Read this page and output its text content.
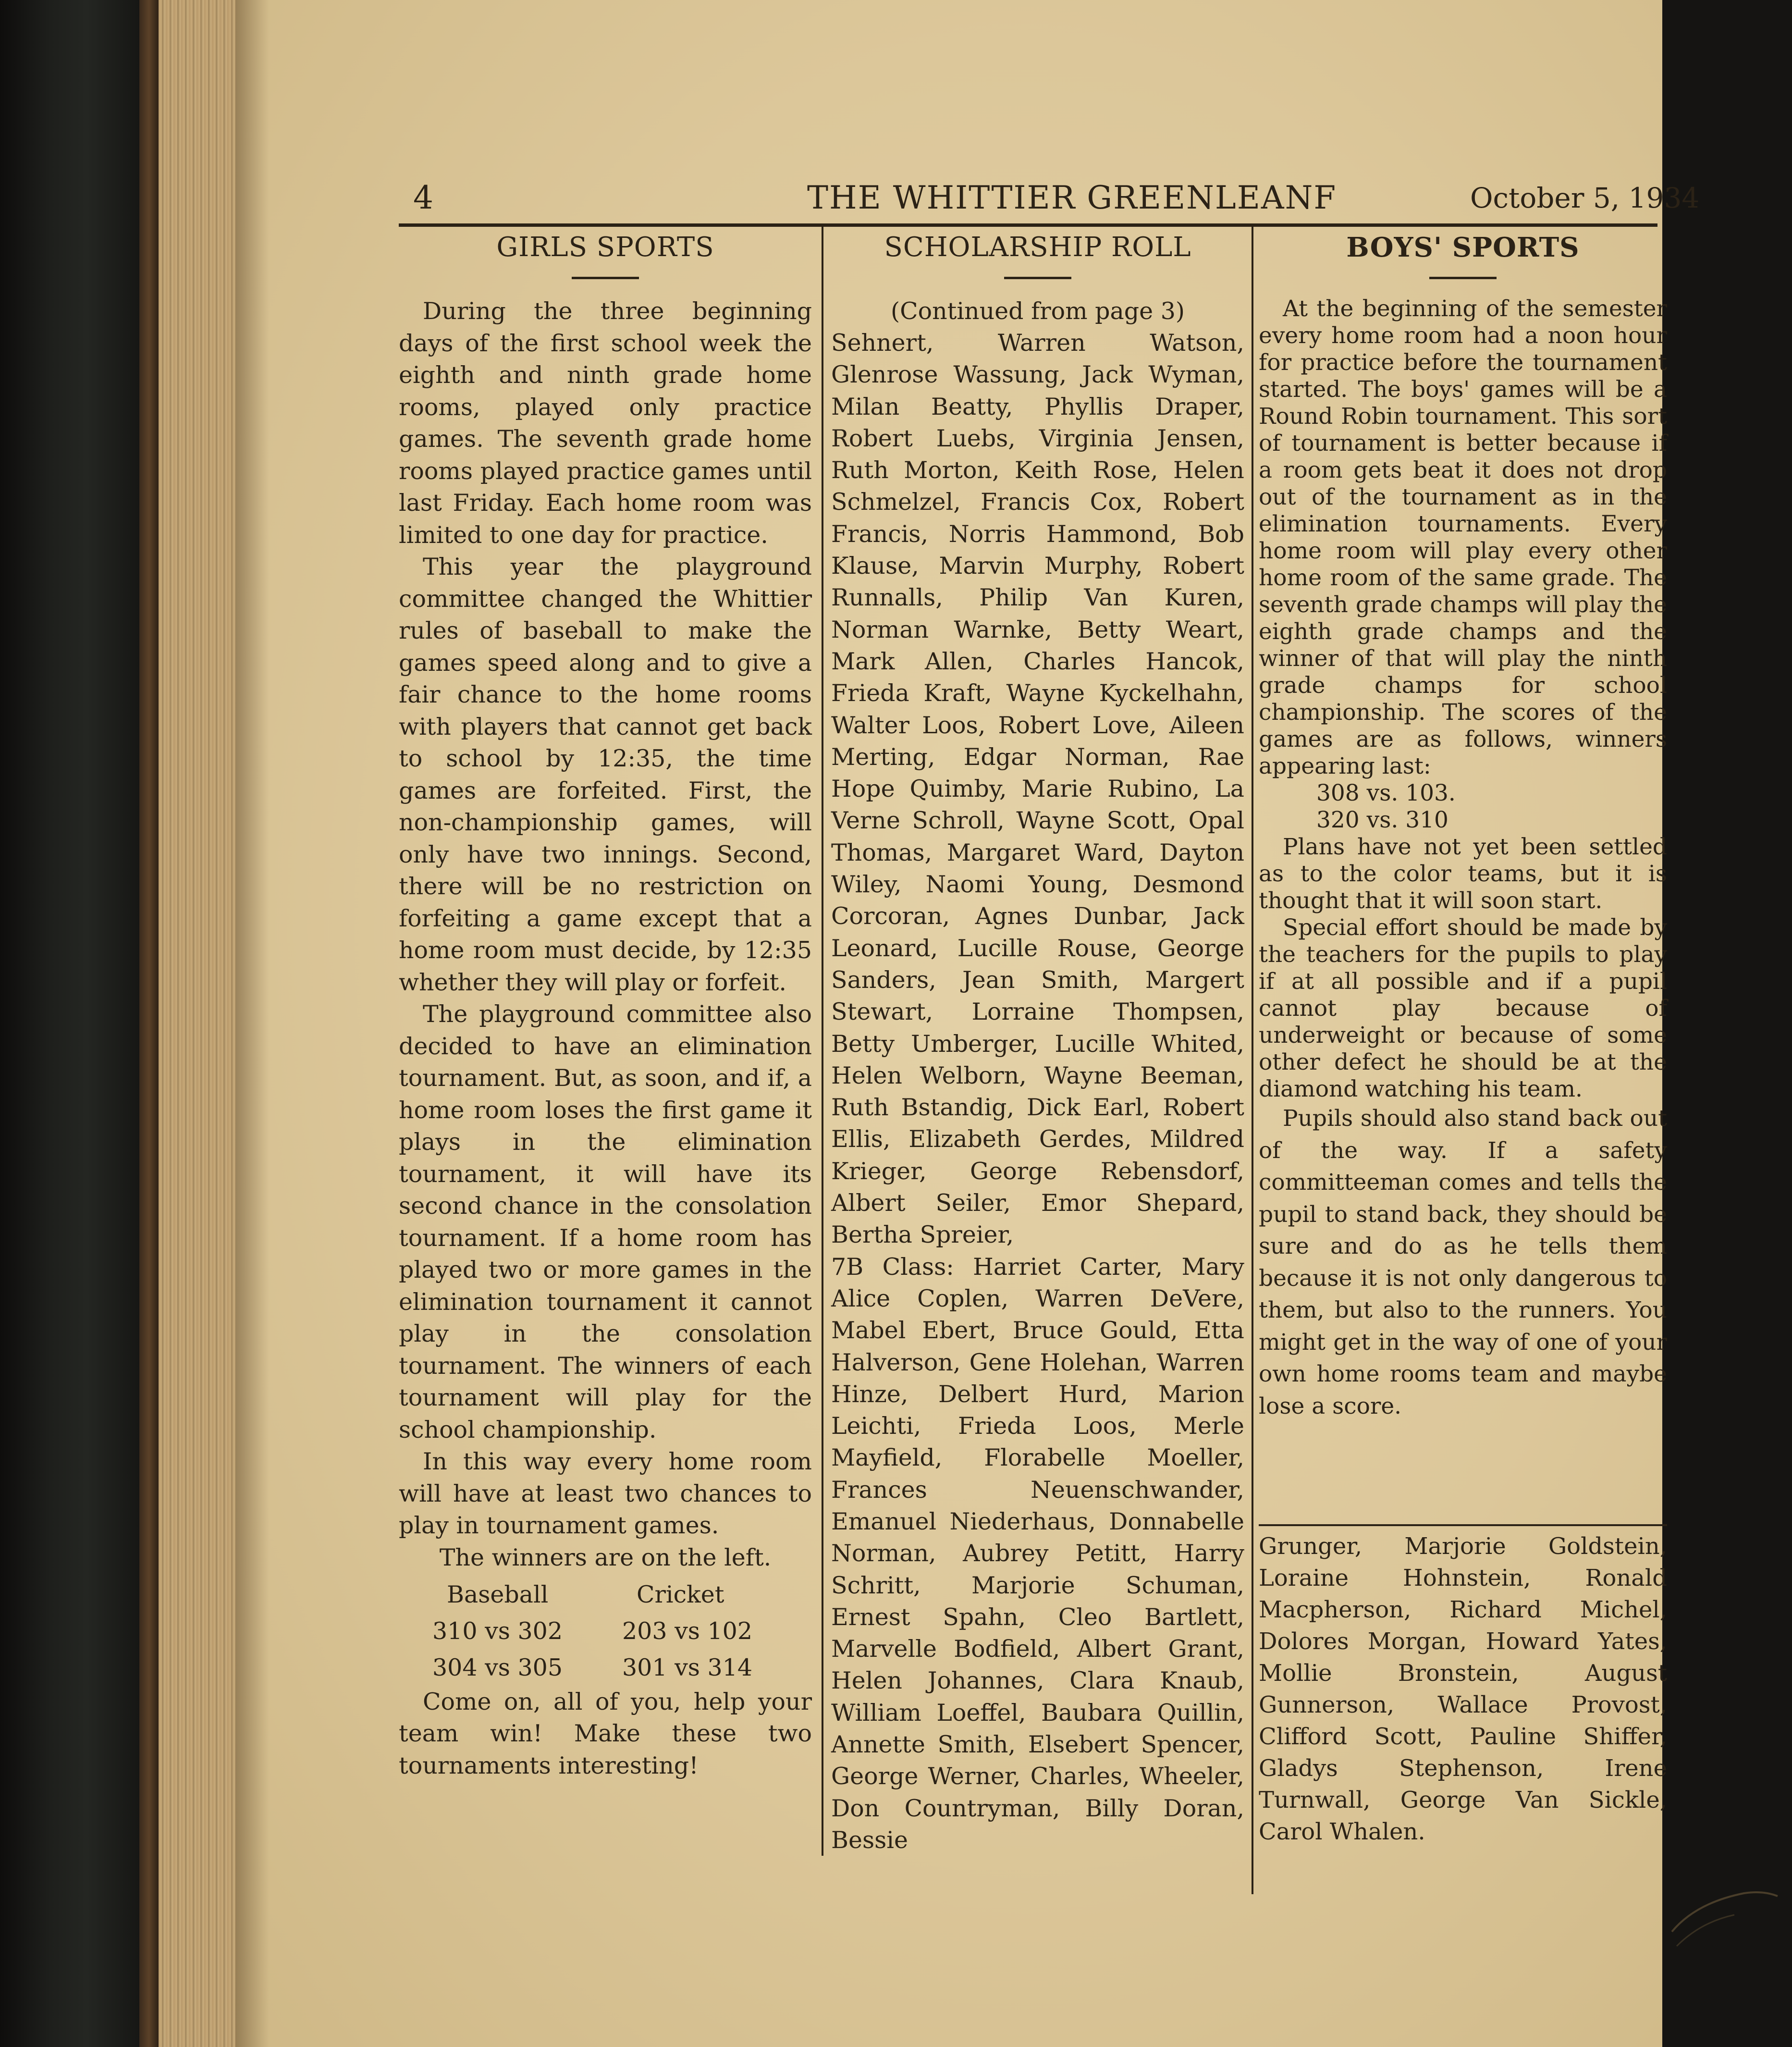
4	THE WHITTIER GREENLEANF	October 5, 1934
GIRLS SPORTS

During the three beginning days of the first school week the eighth and ninth grade home rooms, played only practice games. The seventh grade home rooms played practice games until last Friday. Each home room was limited to one day for practice.

This year the playground committee changed the Whittier rules of baseball to make the games speed along and to give a fair chance to the home rooms with players that cannot get back to school by 12:35, the time games are forfeited. First, the non-championship games, will only have two innings. Second, there will be no restriction on forfeiting a game except that a home room must decide, by 12:35 whether they will play or forfeit.

The playground committee also decided to have an elimination tournament. But, as soon, and if, a home room loses the first game it plays in the elimination tournament, it will have its second chance in the consolation tournament. If a home room has played two or more games in the elimination tournament it cannot play in the consolation tournament. The winners of each tournament will play for the school championship.

In this way every home room will have at least two chances to play in tournament games.

The winners are on the left.
Baseball	Cricket
310 vs 302	203 vs 102
304 vs 305	301 vs 314

Come on, all of you, help your team win! Make these two tournaments interesting!

SCHOLARSHIP ROLL
(Continued from page 3)

Sehnert, Warren Watson, Glenrose Wassung, Jack Wyman, Milan Beatty, Phyllis Draper, Robert Luebs, Virginia Jensen, Ruth Morton, Keith Rose, Helen Schmelzel, Francis Cox, Robert Francis, Norris Hammond, Bob Klause, Marvin Murphy, Robert Runnalls, Philip Van Kuren, Norman Warnke, Betty Weart, Mark Allen, Charles Hancok, Frieda Kraft, Wayne Kyckelhahn, Walter Loos, Robert Love, Aileen Merting, Edgar Norman, Rae Hope Quimby, Marie Rubino, La Verne Schroll, Wayne Scott, Opal Thomas, Margaret Ward, Dayton Wiley, Naomi Young, Desmond Corcoran, Agnes Dunbar, Jack Leonard, Lucille Rouse, George Sanders, Jean Smith, Margert Stewart, Lorraine Thompsen, Betty Umberger, Lucille Whited, Helen Welborn, Wayne Beeman, Ruth Bstandig, Dick Earl, Robert Ellis, Elizabeth Gerdes, Mildred Krieger, George Rebensdorf, Albert Seiler, Emor Shepard, Bertha Spreier,

7B Class: Harriet Carter, Mary Alice Coplen, Warren DeVere, Mabel Ebert, Bruce Gould, Etta Halverson, Gene Holehan, Warren Hinze, Delbert Hurd, Marion Leichti, Frieda Loos, Merle Mayfield, Florabelle Moeller, Frances Neuenschwander, Emanuel Niederhaus, Donnabelle Norman, Aubrey Petitt, Harry Schritt, Marjorie Schuman, Ernest Spahn, Cleo Bartlett, Marvelle Bodfield, Albert Grant, Helen Johannes, Clara Knaub, William Loeffel, Baubara Quillin, Annette Smith, Elsebert Spencer, George Werner, Charles, Wheeler, Don Countryman, Billy Doran, Bessie

BOYS' SPORTS

At the beginning of the semester every home room had a noon hour for practice before the tournament started. The boys' games will be a Round Robin tournament. This sort of tournament is better because if a room gets beat it does not drop out of the tournament as in the elimination tournaments. Every home room will play every other home room of the same grade. The seventh grade champs will play the eighth grade champs and the winner of that will play the ninth grade champs for school championship. The scores of the games are as follows, winners appearing last:

308 vs. 103.
320 vs. 310

Plans have not yet been settled as to the color teams, but it is thought that it will soon start.

Special effort should be made by the teachers for the pupils to play if at all possible and if a pupil cannot play because of underweight or because of some other defect he should be at the diamond watching his team.

Pupils should also stand back out of the way. If a safety committeeman comes and tells the pupil to stand back, they should be sure and do as he tells them because it is not only dangerous to them, but also to the runners. You might get in the way of one of your own home rooms team and maybe lose a score.

Grunger, Marjorie Goldstein, Loraine Hohnstein, Ronald Macpherson, Richard Michel, Dolores Morgan, Howard Yates, Mollie Bronstein, August Gunnerson, Wallace Provost, Clifford Scott, Pauline Shiffer, Gladys Stephenson, Irene Turnwall, George Van Sickle, Carol Whalen.
